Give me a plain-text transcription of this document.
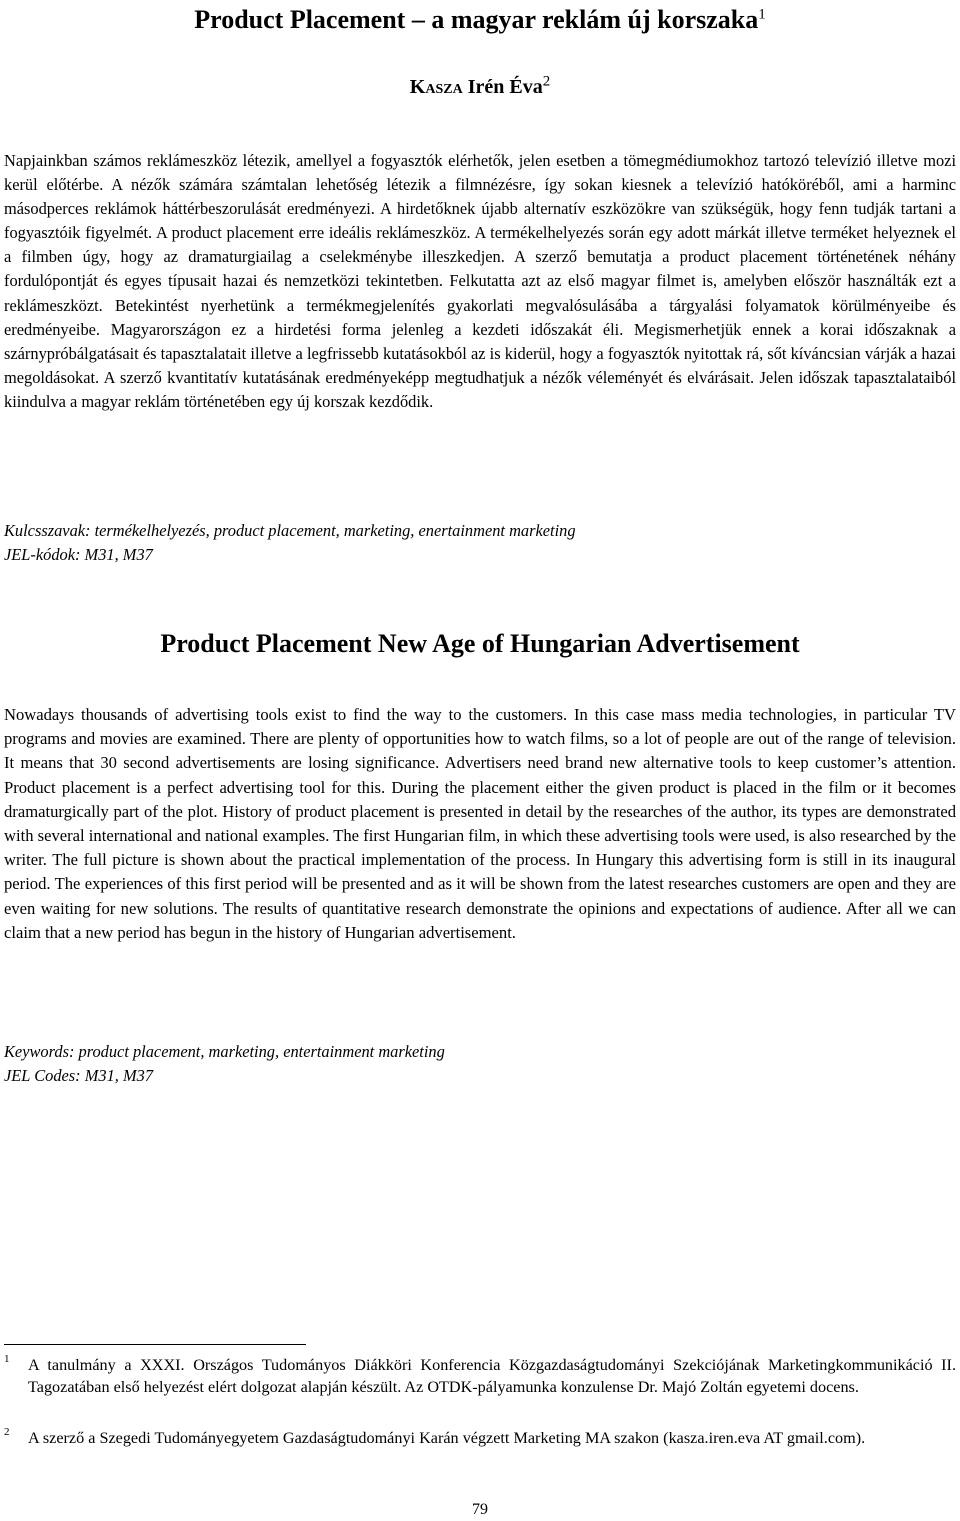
Product Placement – a magyar reklám új korszaka$^1$

Kasza Irén Éva$^2$

Napjainkban számos reklámeszköz létezik, amellyel a fogyasztók elérhetők, jelen esetben a tömegmédiumokhoz tartozó televízió illetve mozi kerül előtérbe. A nézők számára számtalan lehetőség létezik a filmnézésre, így sokan kiesnek a televízió hatóköréből, ami a harminc másodperces reklámok háttérbeszorulását eredményezi. A hirdetőknek újabb alternatív eszközökre van szükségük, hogy fenn tudják tartani a fogyasztóik figyelmét. A product placement erre ideális reklámeszköz. A termékelhelyezés során egy adott márkát illetve terméket helyeznek el a filmben úgy, hogy az dramaturgiailag a cselekménybe illeszkedjen. A szerző bemutatja a product placement történetének néhány fordulópontját és egyes típusait hazai és nemzetközi tekintetben. Felkutatta azt az első magyar filmet is, amelyben először használták ezt a reklámeszközt. Betekintést nyerhetünk a termékmegjelenítés gyakorlati megvalósulásába a tárgyalási folyamatok körülményeibe és eredményeibe. Magyarországon ez a hirdetési forma jelenleg a kezdeti időszakát éli. Megismerhetjük ennek a korai időszaknak a szárnypróbálgatásait és tapasztalatait illetve a legfrissebb kutatásokból az is kiderül, hogy a fogyasztók nyitottak rá, sőt kíváncsian várják a hazai megoldásokat. A szerző kvantitatív kutatásának eredményeképp megtudhatjuk a nézők véleményét és elvárásait. Jelen időszak tapasztalataiból kiindulva a magyar reklám történetében egy új korszak kezdődik.

Kulcsszavak: termékelhelyezés, product placement, marketing, enertainment marketing
JEL-kódok: M31, M37

Product Placement New Age of Hungarian Advertisement

Nowadays thousands of advertising tools exist to find the way to the customers. In this case mass media technologies, in particular TV programs and movies are examined. There are plenty of opportunities how to watch films, so a lot of people are out of the range of television. It means that 30 second advertisements are losing significance. Advertisers need brand new alternative tools to keep customer’s attention. Product placement is a perfect advertising tool for this. During the placement either the given product is placed in the film or it becomes dramaturgically part of the plot. History of product placement is presented in detail by the researches of the author, its types are demonstrated with several international and national examples. The first Hungarian film, in which these advertising tools were used, is also researched by the writer. The full picture is shown about the practical implementation of the process. In Hungary this advertising form is still in its inaugural period. The experiences of this first period will be presented and as it will be shown from the latest researches customers are open and they are even waiting for new solutions. The results of quantitative research demonstrate the opinions and expectations of audience. After all we can claim that a new period has begun in the history of Hungarian advertisement.

Keywords: product placement, marketing, entertainment marketing
JEL Codes: M31, M37

1 A tanulmány a XXXI. Országos Tudományos Diákköri Konferencia Közgazdaságtudományi Szekciójának Marketingkommunikáció II. Tagozatában első helyezést elért dolgozat alapján készült. Az OTDK-pályamunka konzulense Dr. Majó Zoltán egyetemi docens.

2 A szerző a Szegedi Tudományegyetem Gazdaságtudományi Karán végzett Marketing MA szakon (kasza.iren.eva AT gmail.com).

79
